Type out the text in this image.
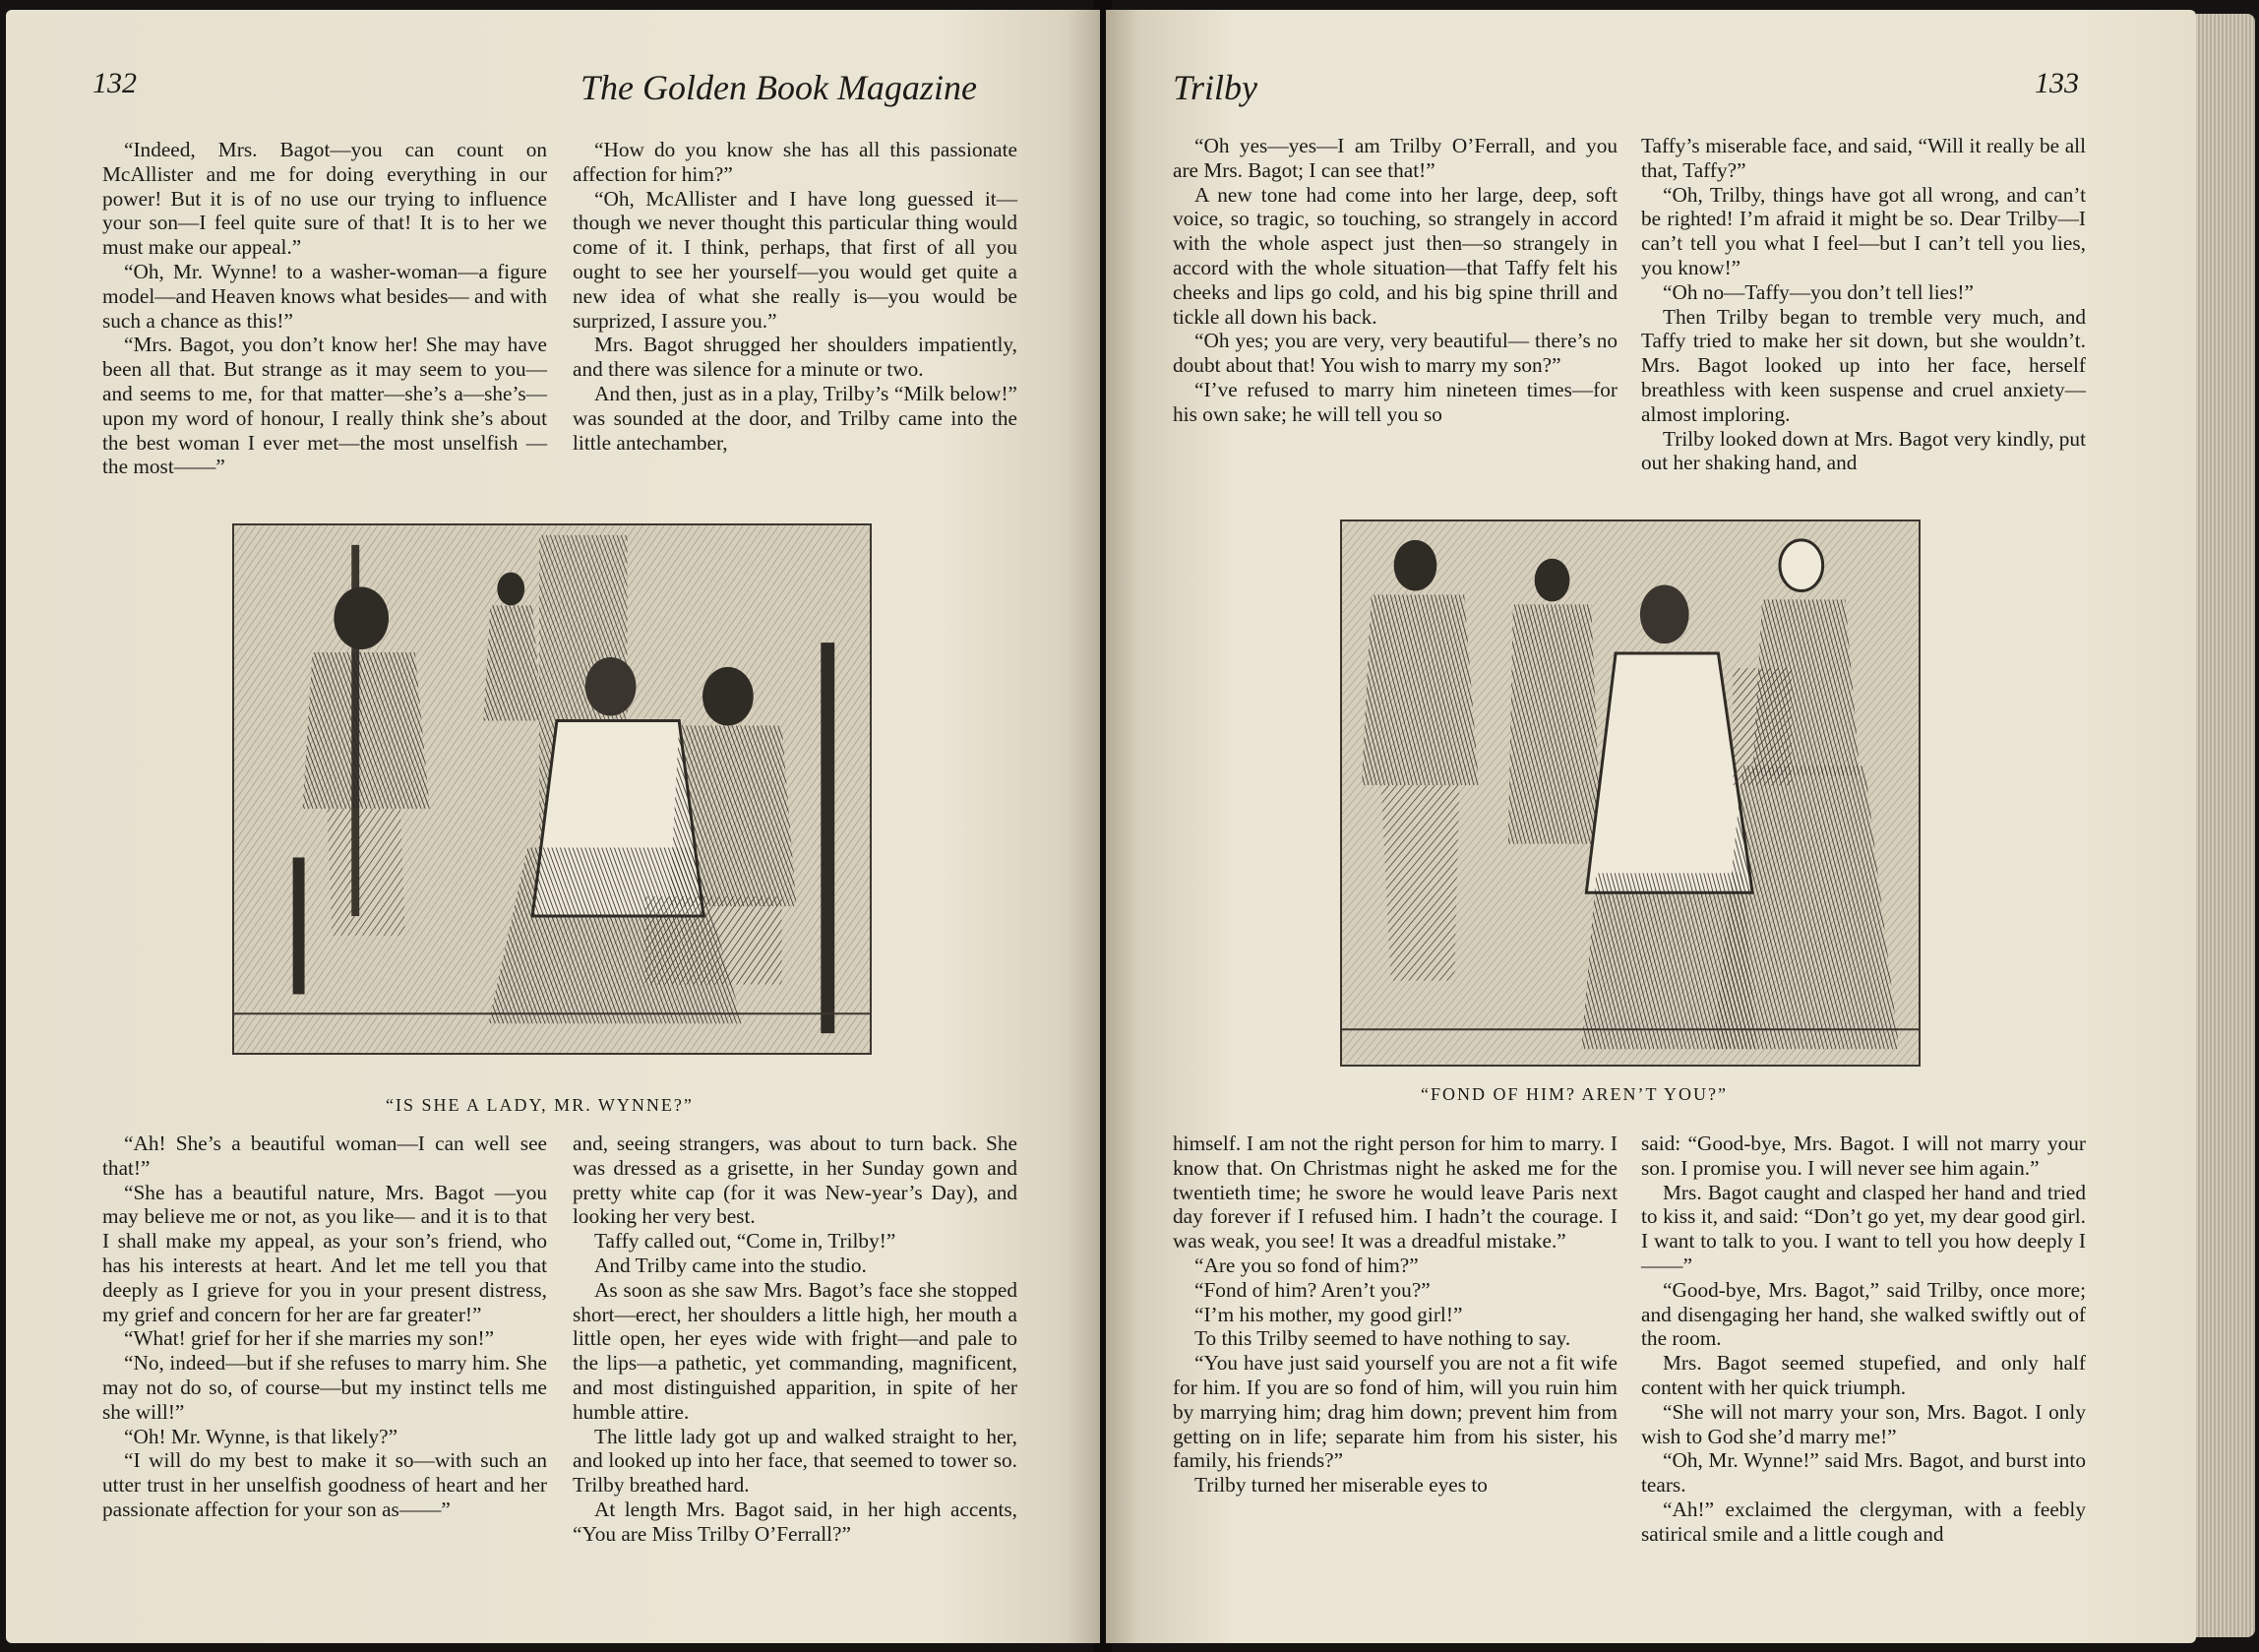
132	The Golden Book Magazine

“Indeed, Mrs. Bagot—you can count on McAllister and me for doing everything in our power! But it is of no use our trying to influence your son—I feel quite sure of that! It is to her we must make our appeal.”

“Oh, Mr. Wynne! to a washer-woman—a figure model—and Heaven knows what besides— and with such a chance as this!”

“Mrs. Bagot, you don’t know her! She may have been all that. But strange as it may seem to you—and seems to me, for that matter—she’s a—she’s—upon my word of honour, I really think she’s about the best woman I ever met—the most unselfish —the most——”

“How do you know she has all this passionate affection for him?”

“Oh, McAllister and I have long guessed it—though we never thought this particular thing would come of it. I think, perhaps, that first of all you ought to see her yourself—you would get quite a new idea of what she really is—you would be surprized, I assure you.”

Mrs. Bagot shrugged her shoulders impatiently, and there was silence for a minute or two.

And then, just as in a play, Trilby’s “Milk below!” was sounded at the door, and Trilby came into the little antechamber,

“IS SHE A LADY, MR. WYNNE?”

“Ah! She’s a beautiful woman—I can well see that!”

“She has a beautiful nature, Mrs. Bagot —you may believe me or not, as you like— and it is to that I shall make my appeal, as your son’s friend, who has his interests at heart. And let me tell you that deeply as I grieve for you in your present distress, my grief and concern for her are far greater!”

“What! grief for her if she marries my son!”

“No, indeed—but if she refuses to marry him. She may not do so, of course—but my instinct tells me she will!”

“Oh! Mr. Wynne, is that likely?”

“I will do my best to make it so—with such an utter trust in her unselfish goodness of heart and her passionate affection for your son as——”

and, seeing strangers, was about to turn back. She was dressed as a grisette, in her Sunday gown and pretty white cap (for it was New-year’s Day), and looking her very best.

Taffy called out, “Come in, Trilby!”

And Trilby came into the studio.

As soon as she saw Mrs. Bagot’s face she stopped short—erect, her shoulders a little high, her mouth a little open, her eyes wide with fright—and pale to the lips—a pathetic, yet commanding, magnificent, and most distinguished apparition, in spite of her humble attire.

The little lady got up and walked straight to her, and looked up into her face, that seemed to tower so. Trilby breathed hard.

At length Mrs. Bagot said, in her high accents, “You are Miss Trilby O’Ferrall?”

Trilby	133

“Oh yes—yes—I am Trilby O’Ferrall, and you are Mrs. Bagot; I can see that!”

A new tone had come into her large, deep, soft voice, so tragic, so touching, so strangely in accord with the whole aspect just then—so strangely in accord with the whole situation—that Taffy felt his cheeks and lips go cold, and his big spine thrill and tickle all down his back.

“Oh yes; you are very, very beautiful— there’s no doubt about that! You wish to marry my son?”

“I’ve refused to marry him nineteen times—for his own sake; he will tell you so

Taffy’s miserable face, and said, “Will it really be all that, Taffy?”

“Oh, Trilby, things have got all wrong, and can’t be righted! I’m afraid it might be so. Dear Trilby—I can’t tell you what I feel—but I can’t tell you lies, you know!”

“Oh no—Taffy—you don’t tell lies!”

Then Trilby began to tremble very much, and Taffy tried to make her sit down, but she wouldn’t. Mrs. Bagot looked up into her face, herself breathless with keen suspense and cruel anxiety—almost imploring.

Trilby looked down at Mrs. Bagot very kindly, put out her shaking hand, and

“FOND OF HIM? AREN’T YOU?”

himself. I am not the right person for him to marry. I know that. On Christmas night he asked me for the twentieth time; he swore he would leave Paris next day forever if I refused him. I hadn’t the courage. I was weak, you see! It was a dreadful mistake.”

“Are you so fond of him?”

“Fond of him? Aren’t you?”

“I’m his mother, my good girl!”

To this Trilby seemed to have nothing to say.

“You have just said yourself you are not a fit wife for him. If you are so fond of him, will you ruin him by marrying him; drag him down; prevent him from getting on in life; separate him from his sister, his family, his friends?”

Trilby turned her miserable eyes to

said: “Good-bye, Mrs. Bagot. I will not marry your son. I promise you. I will never see him again.”

Mrs. Bagot caught and clasped her hand and tried to kiss it, and said: “Don’t go yet, my dear good girl. I want to talk to you. I want to tell you how deeply I——”

“Good-bye, Mrs. Bagot,” said Trilby, once more; and disengaging her hand, she walked swiftly out of the room.

Mrs. Bagot seemed stupefied, and only half content with her quick triumph.

“She will not marry your son, Mrs. Bagot. I only wish to God she’d marry me!”

“Oh, Mr. Wynne!” said Mrs. Bagot, and burst into tears.

“Ah!” exclaimed the clergyman, with a feebly satirical smile and a little cough and
